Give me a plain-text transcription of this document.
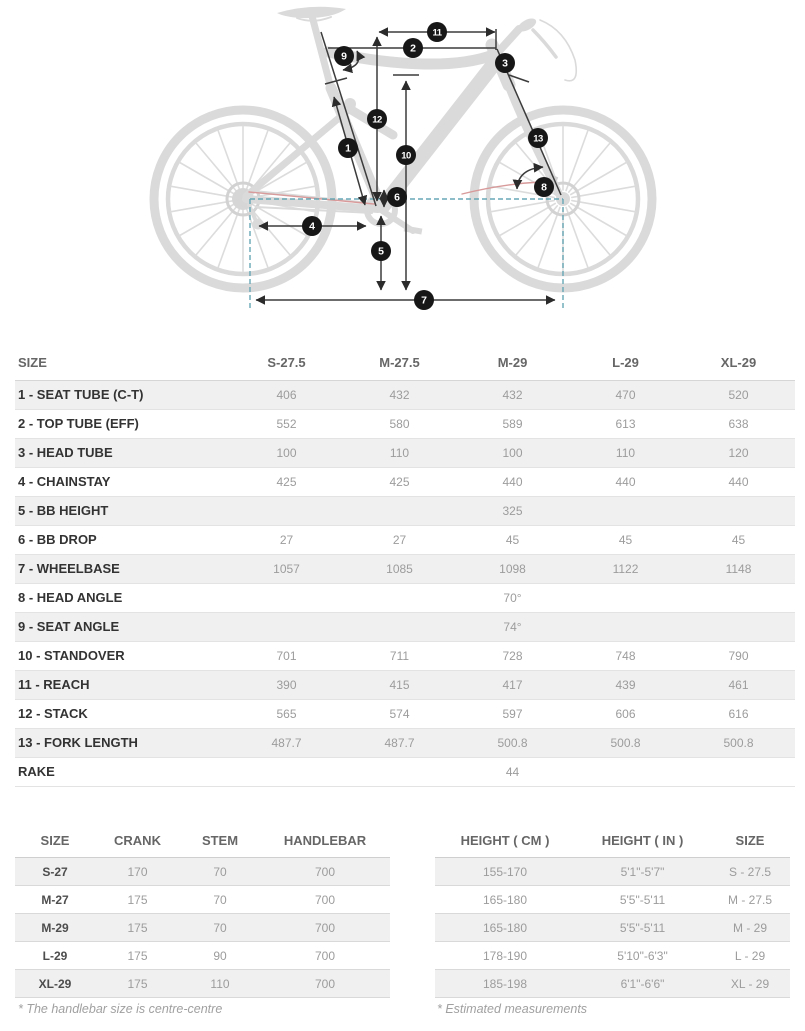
1
2
3
4
5
6
7
8
9
10
11
12
13
SIZE	S-27.5	M-27.5	M-29	L-29	XL-29
1 - SEAT TUBE (C-T)	406	432	432	470	520
2 - TOP TUBE (EFF)	552	580	589	613	638
3 - HEAD TUBE	100	110	100	110	120
4 - CHAINSTAY	425	425	440	440	440
5 - BB HEIGHT			325		
6 - BB DROP	27	27	45	45	45
7 - WHEELBASE	1057	1085	1098	1122	1148
8 - HEAD ANGLE			70°		
9 - SEAT ANGLE			74°		
10 - STANDOVER	701	711	728	748	790
11 - REACH	390	415	417	439	461
12 - STACK	565	574	597	606	616
13 - FORK LENGTH	487.7	487.7	500.8	500.8	500.8
RAKE			44		
SIZE	CRANK	STEM	HANDLEBAR
S-27	170	70	700
M-27	175	70	700
M-29	175	70	700
L-29	175	90	700
XL-29	175	110	700
HEIGHT ( CM )	HEIGHT ( IN )	SIZE
155-170	5'1"-5'7"	S - 27.5
165-180	5'5"-5'11	M - 27.5
165-180	5'5"-5'11	M - 29
178-190	5'10"-6'3"	L - 29
185-198	6'1"-6'6"	XL - 29
* The handlebar size is centre-centre	* Estimated measurements
